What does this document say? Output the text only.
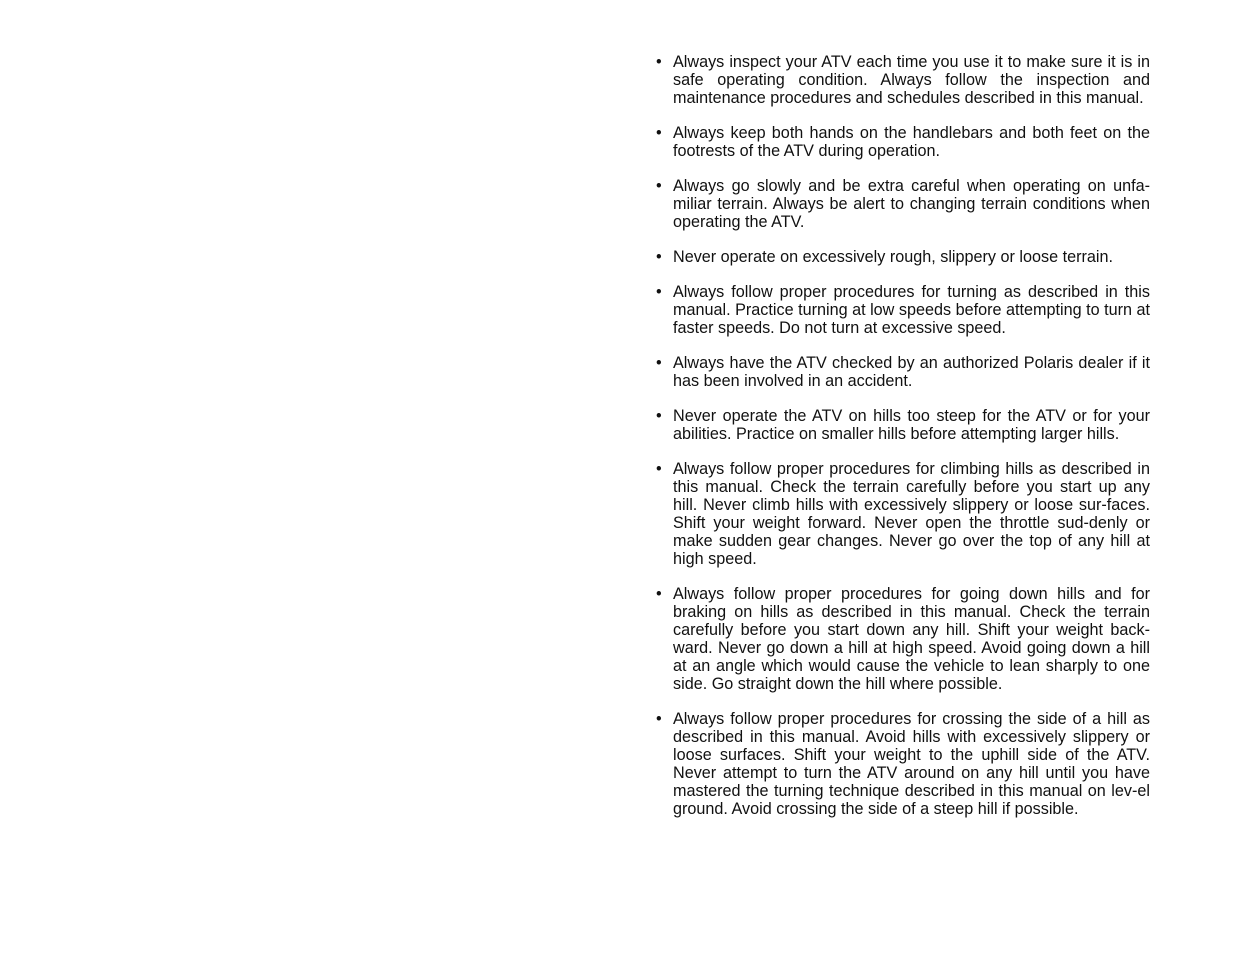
• Always inspect your ATV each time you use it to make sure it is in safe operating condition. Always follow the inspection and maintenance procedures and schedules described in this manual.
• Always keep both hands on the handlebars and both feet on the footrests of the ATV during operation.
• Always go slowly and be extra careful when operating on unfa-miliar terrain. Always be alert to changing terrain conditions when operating the ATV.
• Never operate on excessively rough, slippery or loose terrain.
• Always follow proper procedures for turning as described in this manual. Practice turning at low speeds before attempting to turn at faster speeds. Do not turn at excessive speed.
• Always have the ATV checked by an authorized Polaris dealer if it has been involved in an accident.
• Never operate the ATV on hills too steep for the ATV or for your abilities. Practice on smaller hills before attempting larger hills.
• Always follow proper procedures for climbing hills as described in this manual. Check the terrain carefully before you start up any hill. Never climb hills with excessively slippery or loose sur-faces. Shift your weight forward. Never open the throttle sud-denly or make sudden gear changes. Never go over the top of any hill at high speed.
• Always follow proper procedures for going down hills and for braking on hills as described in this manual. Check the terrain carefully before you start down any hill. Shift your weight back-ward. Never go down a hill at high speed. Avoid going down a hill at an angle which would cause the vehicle to lean sharply to one side. Go straight down the hill where possible.
• Always follow proper procedures for crossing the side of a hill as described in this manual. Avoid hills with excessively slippery or loose surfaces. Shift your weight to the uphill side of the ATV. Never attempt to turn the ATV around on any hill until you have mastered the turning technique described in this manual on lev-el ground. Avoid crossing the side of a steep hill if possible.
